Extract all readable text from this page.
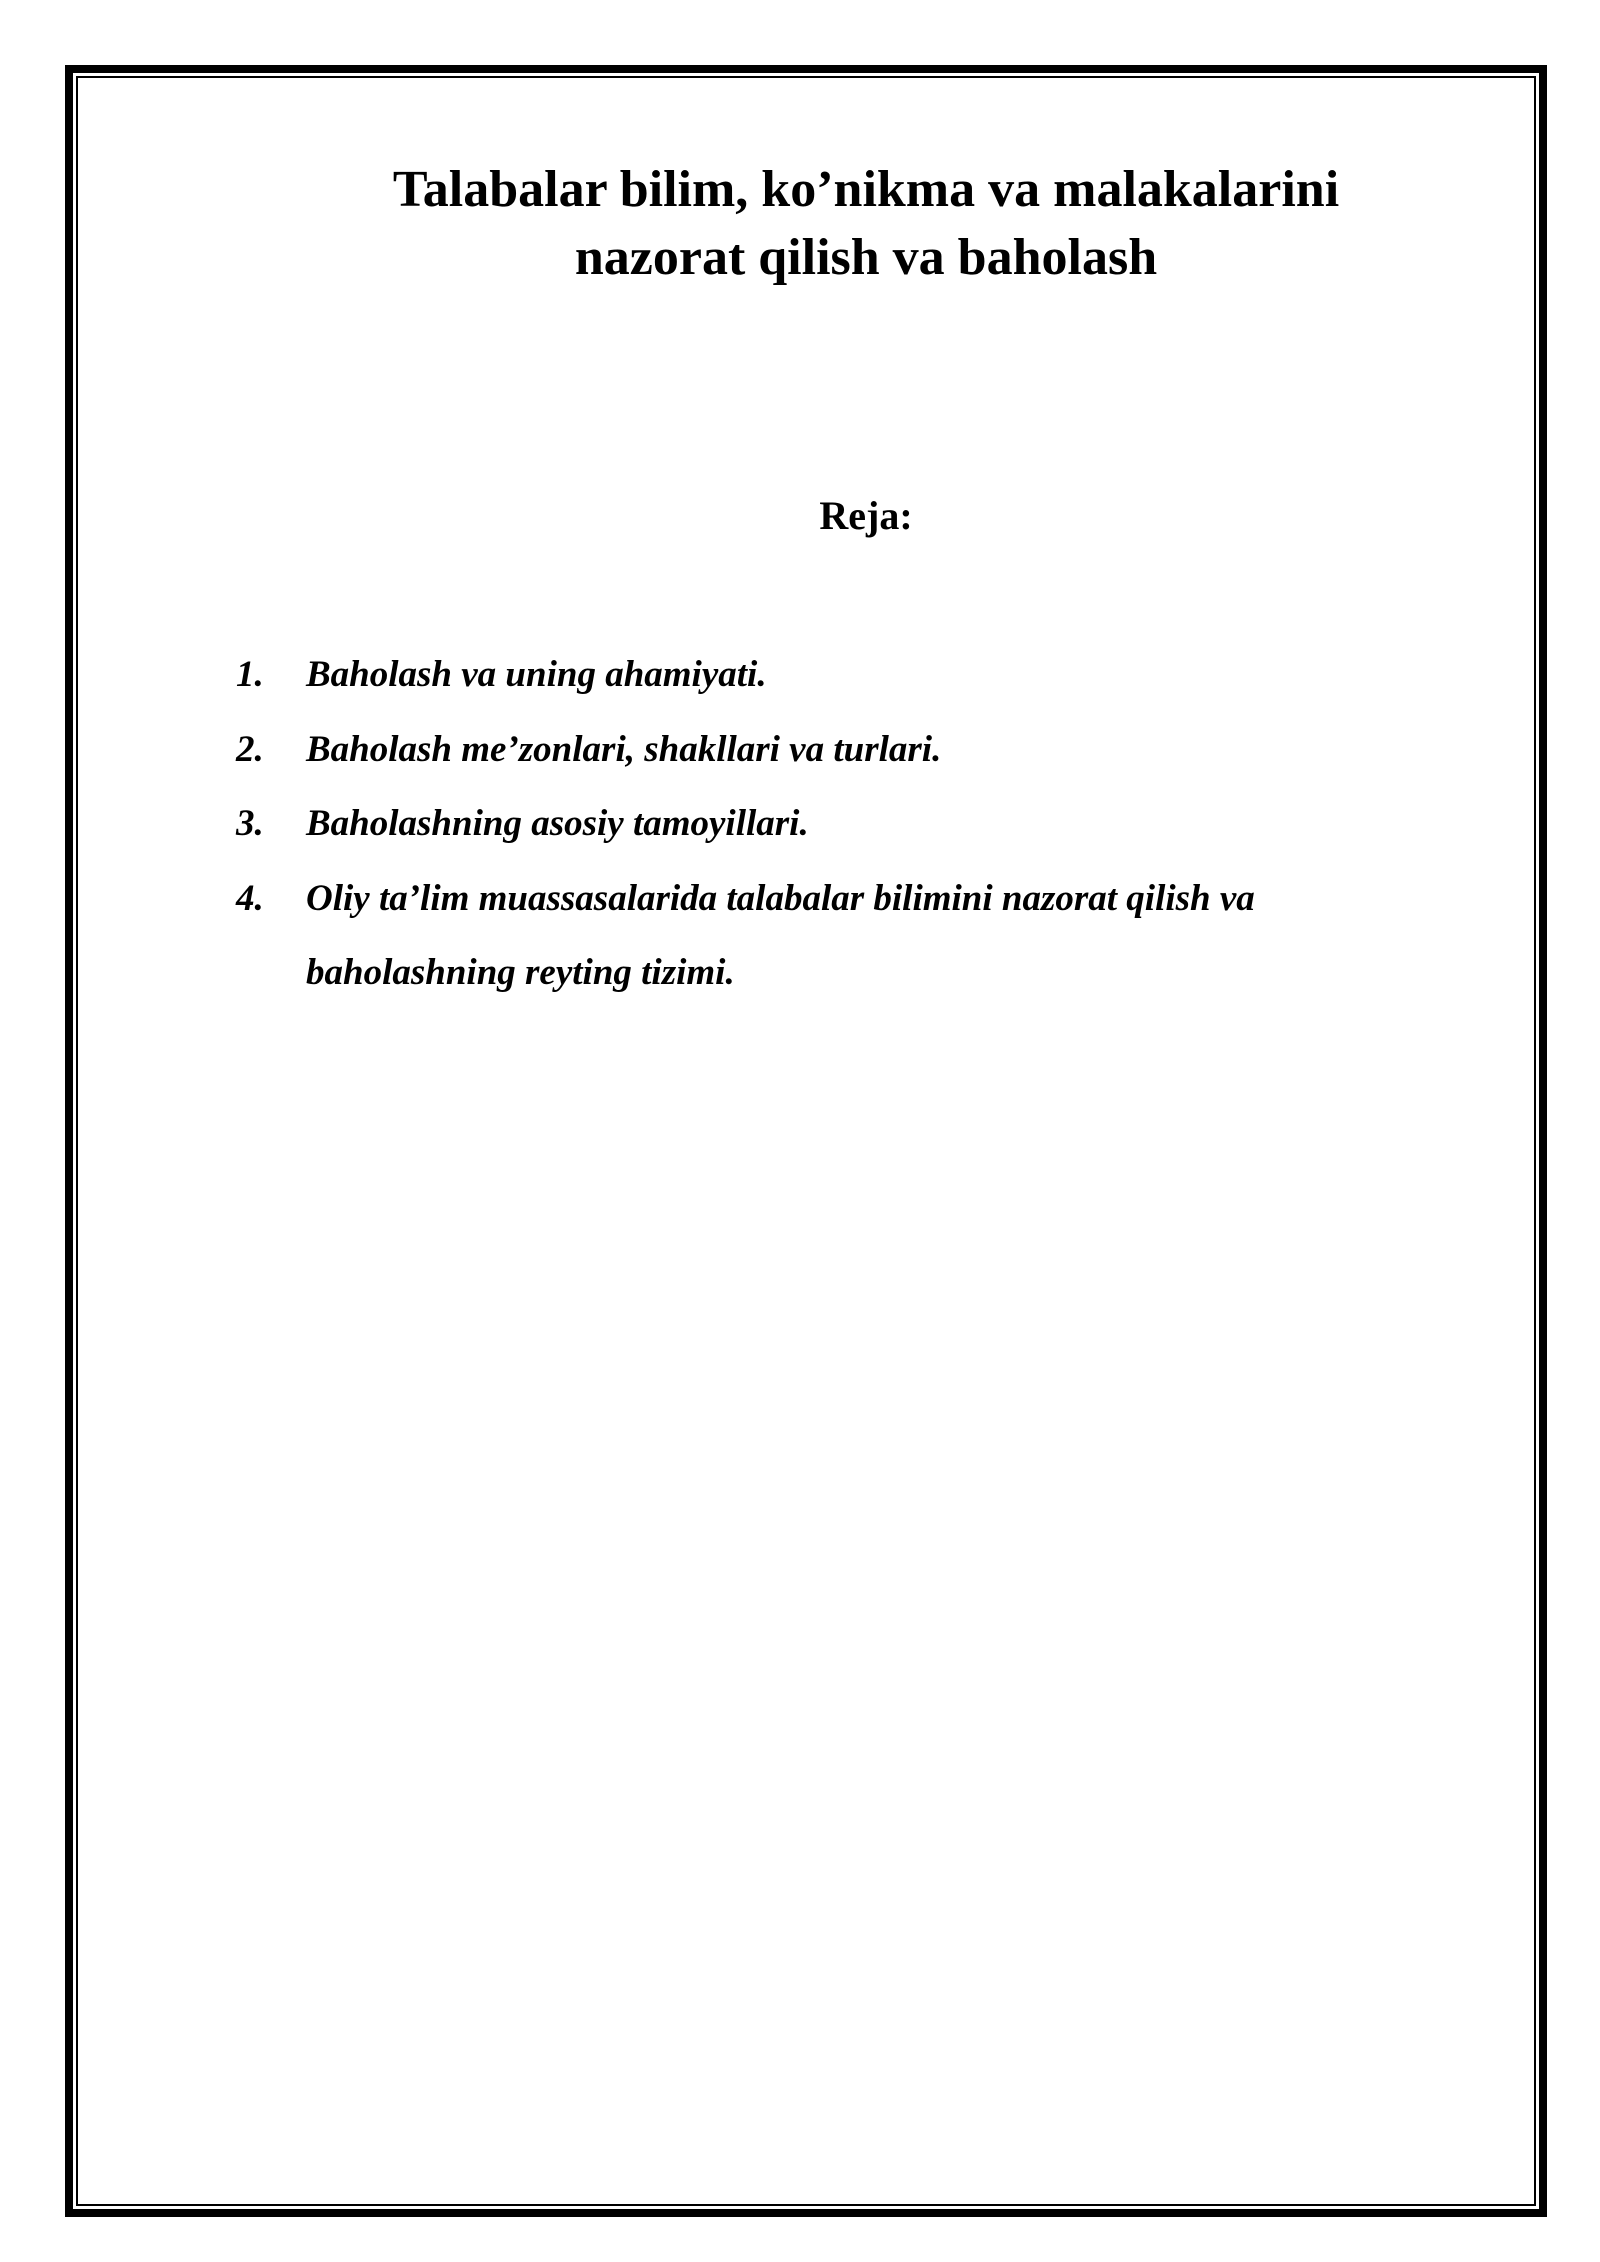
Talabalar bilim, ko’nikma va malakalarini
nazorat qilish va baholash
Reja:
1. Baholash va uning ahamiyati.
2. Baholash me’zonlari, shakllari va turlari.
3. Baholashning asosiy tamoyillari.
4. Oliy ta’lim muassasalarida talabalar bilimini nazorat qilish va baholashning reyting tizimi.
